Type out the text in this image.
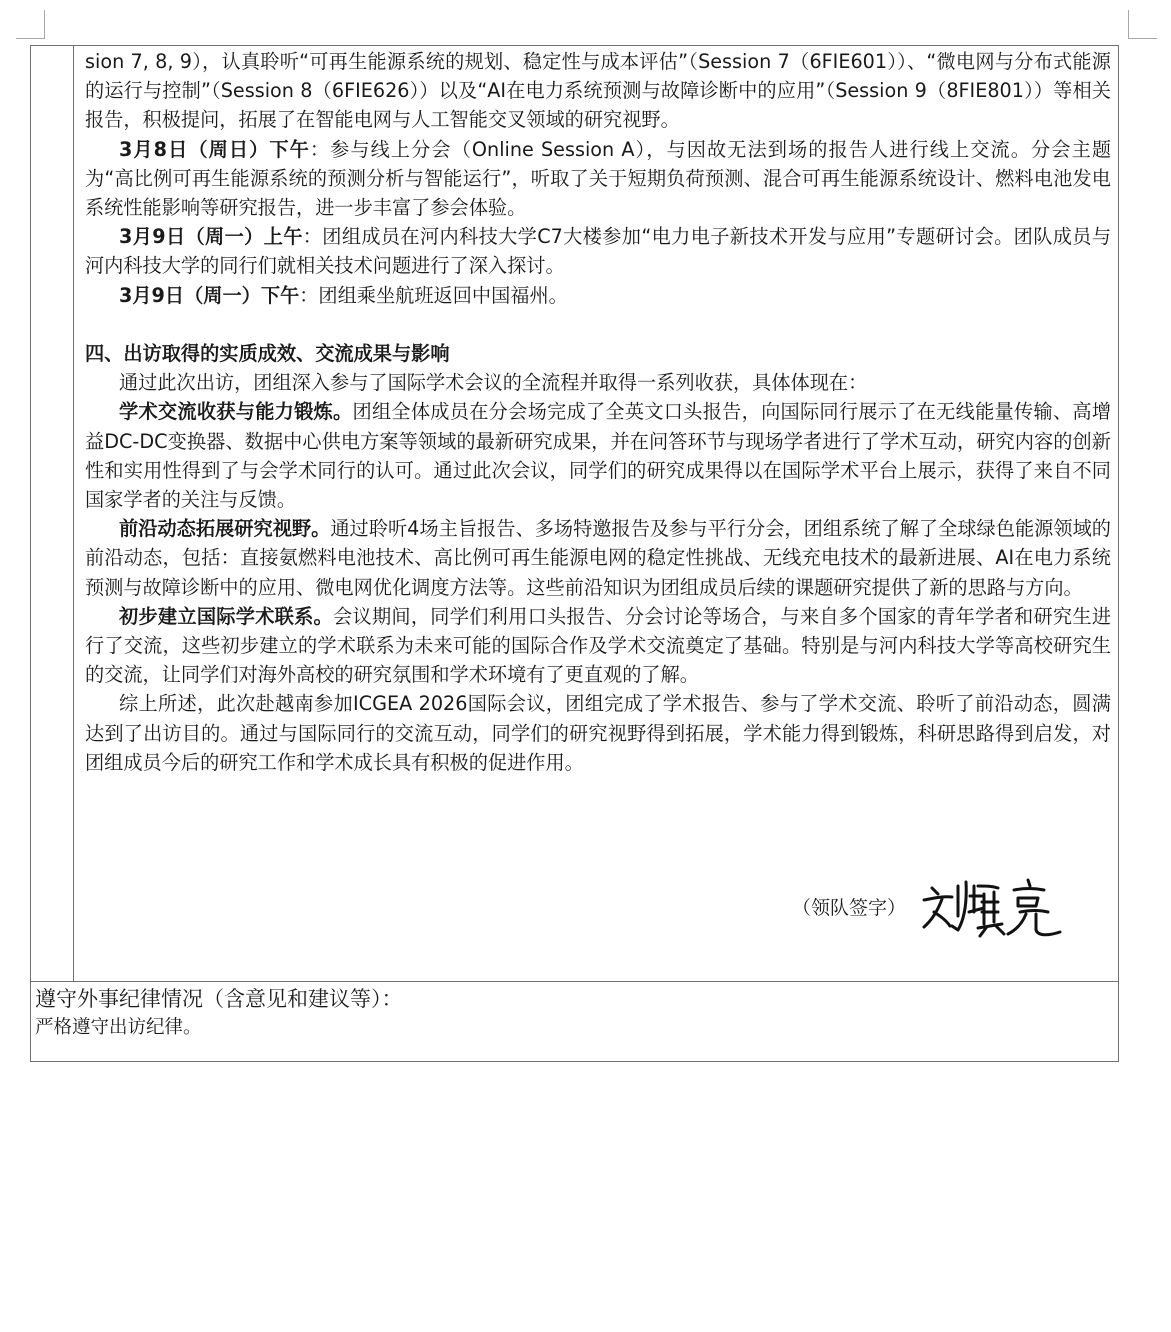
sion 7, 8, 9），认真聆听“可再生能源系统的规划、稳定性与成本评估”（Session 7（6FIE601））、“微电网与分布式能源的运行与控制”（Session 8（6FIE626））以及“AI在电力系统预测与故障诊断中的应用”（Session 9（8FIE801））等相关报告，积极提问，拓展了在智能电网与人工智能交叉领域的研究视野。

3月8日（周日）下午：参与线上分会（Online Session A），与因故无法到场的报告人进行线上交流。分会主题为“高比例可再生能源系统的预测分析与智能运行”，听取了关于短期负荷预测、混合可再生能源系统设计、燃料电池发电系统性能影响等研究报告，进一步丰富了参会体验。

3月9日（周一）上午：团组成员在河内科技大学C7大楼参加“电力电子新技术开发与应用”专题研讨会。团队成员与河内科技大学的同行们就相关技术问题进行了深入探讨。

3月9日（周一）下午：团组乘坐航班返回中国福州。

四、出访取得的实质成效、交流成果与影响

通过此次出访，团组深入参与了国际学术会议的全流程并取得一系列收获，具体体现在：

学术交流收获与能力锻炼。团组全体成员在分会场完成了全英文口头报告，向国际同行展示了在无线能量传输、高增益DC-DC变换器、数据中心供电方案等领域的最新研究成果，并在问答环节与现场学者进行了学术互动，研究内容的创新性和实用性得到了与会学术同行的认可。通过此次会议，同学们的研究成果得以在国际学术平台上展示，获得了来自不同国家学者的关注与反馈。

前沿动态拓展研究视野。通过聆听4场主旨报告、多场特邀报告及参与平行分会，团组系统了解了全球绿色能源领域的前沿动态，包括：直接氨燃料电池技术、高比例可再生能源电网的稳定性挑战、无线充电技术的最新进展、AI在电力系统预测与故障诊断中的应用、微电网优化调度方法等。这些前沿知识为团组成员后续的课题研究提供了新的思路与方向。

初步建立国际学术联系。会议期间，同学们利用口头报告、分会讨论等场合，与来自多个国家的青年学者和研究生进行了交流，这些初步建立的学术联系为未来可能的国际合作及学术交流奠定了基础。特别是与河内科技大学等高校研究生的交流，让同学们对海外高校的研究氛围和学术环境有了更直观的了解。

综上所述，此次赴越南参加ICGEA 2026国际会议，团组完成了学术报告、参与了学术交流、聆听了前沿动态，圆满达到了出访目的。通过与国际同行的交流互动，同学们的研究视野得到拓展，学术能力得到锻炼，科研思路得到启发，对团组成员今后的研究工作和学术成长具有积极的促进作用。

（领队签字）
遵守外事纪律情况（含意见和建议等）：
严格遵守出访纪律。
